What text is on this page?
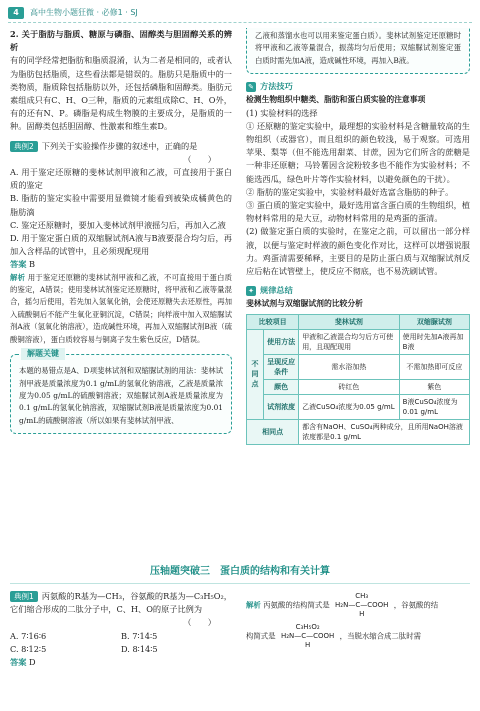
4	高中生物小题狂微 · 必修1 · SJ

2. 关于脂肪与脂质、糖原与磷脂、固醇类与胆固醇关系的辨析

有的同学经常把脂肪和脂质混淆，认为二者是相同的，或者认为脂肪包括脂质，这些看法都是错误的。脂肪只是脂质中的一类物质，脂质除包括脂肪以外，还包括磷脂和固醇类。脂肪元素组成只有C、H、O三种，脂质的元素组成除C、H、O外，有的还有N、P。磷脂是构成生物膜的主要成分，是脂质的一种。固醇类包括胆固醇、性激素和维生素D。

典例2 下列关于实验操作步骤的叙述中，正确的是

（　　）

A. 用于鉴定还原糖的斐林试剂甲液和乙液，可直接用于蛋白质的鉴定

B. 脂肪的鉴定实验中需要用显微镜才能看到被染成橘黄色的脂肪滴

C. 鉴定还原糖时，要加入斐林试剂甲液摇匀后，再加入乙液

D. 用于鉴定蛋白质的双缩脲试剂A液与B液要混合均匀后，再加入含样品的试管中，且必须现配现用

答案 B

解析 用于鉴定还原糖的斐林试剂甲液和乙液，不可直接用于蛋白质的鉴定，A错误；使用斐林试剂鉴定还原糖时，将甲液和乙液等量混合，摇匀后使用，若先加入氢氧化钠，会使还原糖失去还原性，再加入硫酸铜后不能产生氧化亚铜沉淀，C错误；向样液中加入双缩脲试剂A液（氢氧化钠溶液），造成碱性环境，再加入双缩脲试剂B液（硫酸铜溶液），蛋白质较容易与铜离子发生紫色反应，D错误。

解题关键

本题的易错点是A、D项斐林试剂和双缩脲试剂的用法：斐林试剂甲液是质量浓度为0.1 g/mL的氢氧化钠溶液，乙液是质量浓度为0.05 g/mL的硫酸铜溶液；双缩脲试剂A液是质量浓度为0.1 g/mL的氢氧化钠溶液，双缩脲试剂B液是质量浓度为0.01 g/mL的硫酸铜溶液（所以如果有斐林试剂甲液、

乙液和蒸馏水也可以用来鉴定蛋白质）。斐林试剂鉴定还原糖时将甲液和乙液等量混合，振荡均匀后使用；双缩脲试剂鉴定蛋白质时需先加A液，造成碱性环境，再加入B液。

✎ 方法技巧

检测生物组织中糖类、脂肪和蛋白质实验的注意事项

(1) 实验材料的选择

① 还原糖的鉴定实验中，最理想的实验材料是含糖量较高的生物组织（或器官），而且组织的颜色较浅，易于观察。可选用苹果、梨等（但不能选用甜菜、甘蔗，因为它们所含的蔗糖是一种非还原糖；马铃薯因含淀粉较多也不能作为实验材料；不能选西瓜，绿色叶片等作实验材料，以避免颜色的干扰）。

② 脂肪的鉴定实验中，实验材料最好选富含脂肪的种子。

③ 蛋白质的鉴定实验中，最好选用富含蛋白质的生物组织，植物材料常用的是大豆，动物材料常用的是鸡蛋的蛋清。

(2) 做鉴定蛋白质的实验时，在鉴定之前，可以留出一部分样液，以便与鉴定时样液的颜色变化作对比，这样可以增强说服力。鸡蛋清需要稀释，主要目的是防止蛋白质与双缩脲试剂反应后粘在试管壁上，使反应不彻底，也不易洗刷试管。

✦ 规律总结

斐林试剂与双缩脲试剂的比较分析

比较项目		斐林试剂	双缩脲试剂
不同点	使用方法	甲液和乙液混合均匀后方可使用，且现配现用	使用时先加A液再加B液
	呈现反应条件	需水浴加热	不需加热即可反应
	颜色	砖红色	紫色
	试剂浓度	乙液CuSO₄浓度为0.05 g/mL	B液CuSO₄浓度为0.01 g/mL
相同点		都含有NaOH、CuSO₄两种成分，且所用NaOH溶液浓度都是0.1 g/mL	
压轴题突破三　蛋白质的结构和有关计算

典例1 丙氨酸的R基为—CH₃，谷氨酸的R基为—C₃H₅O₂，它们缩合形成的二肽分子中，C、H、O的原子比例为

（　　）

A. 7∶16∶6	B. 7∶14∶5
C. 8∶12∶5	D. 8∶14∶5

答案 D

解析 丙氨酸的结构简式是
CH₃
H₂N—C—COOH
H
，谷氨酸的结

构简式是
C₃H₅O₂
H₂N—C—COOH
H
，当脱水缩合成二肽时需
